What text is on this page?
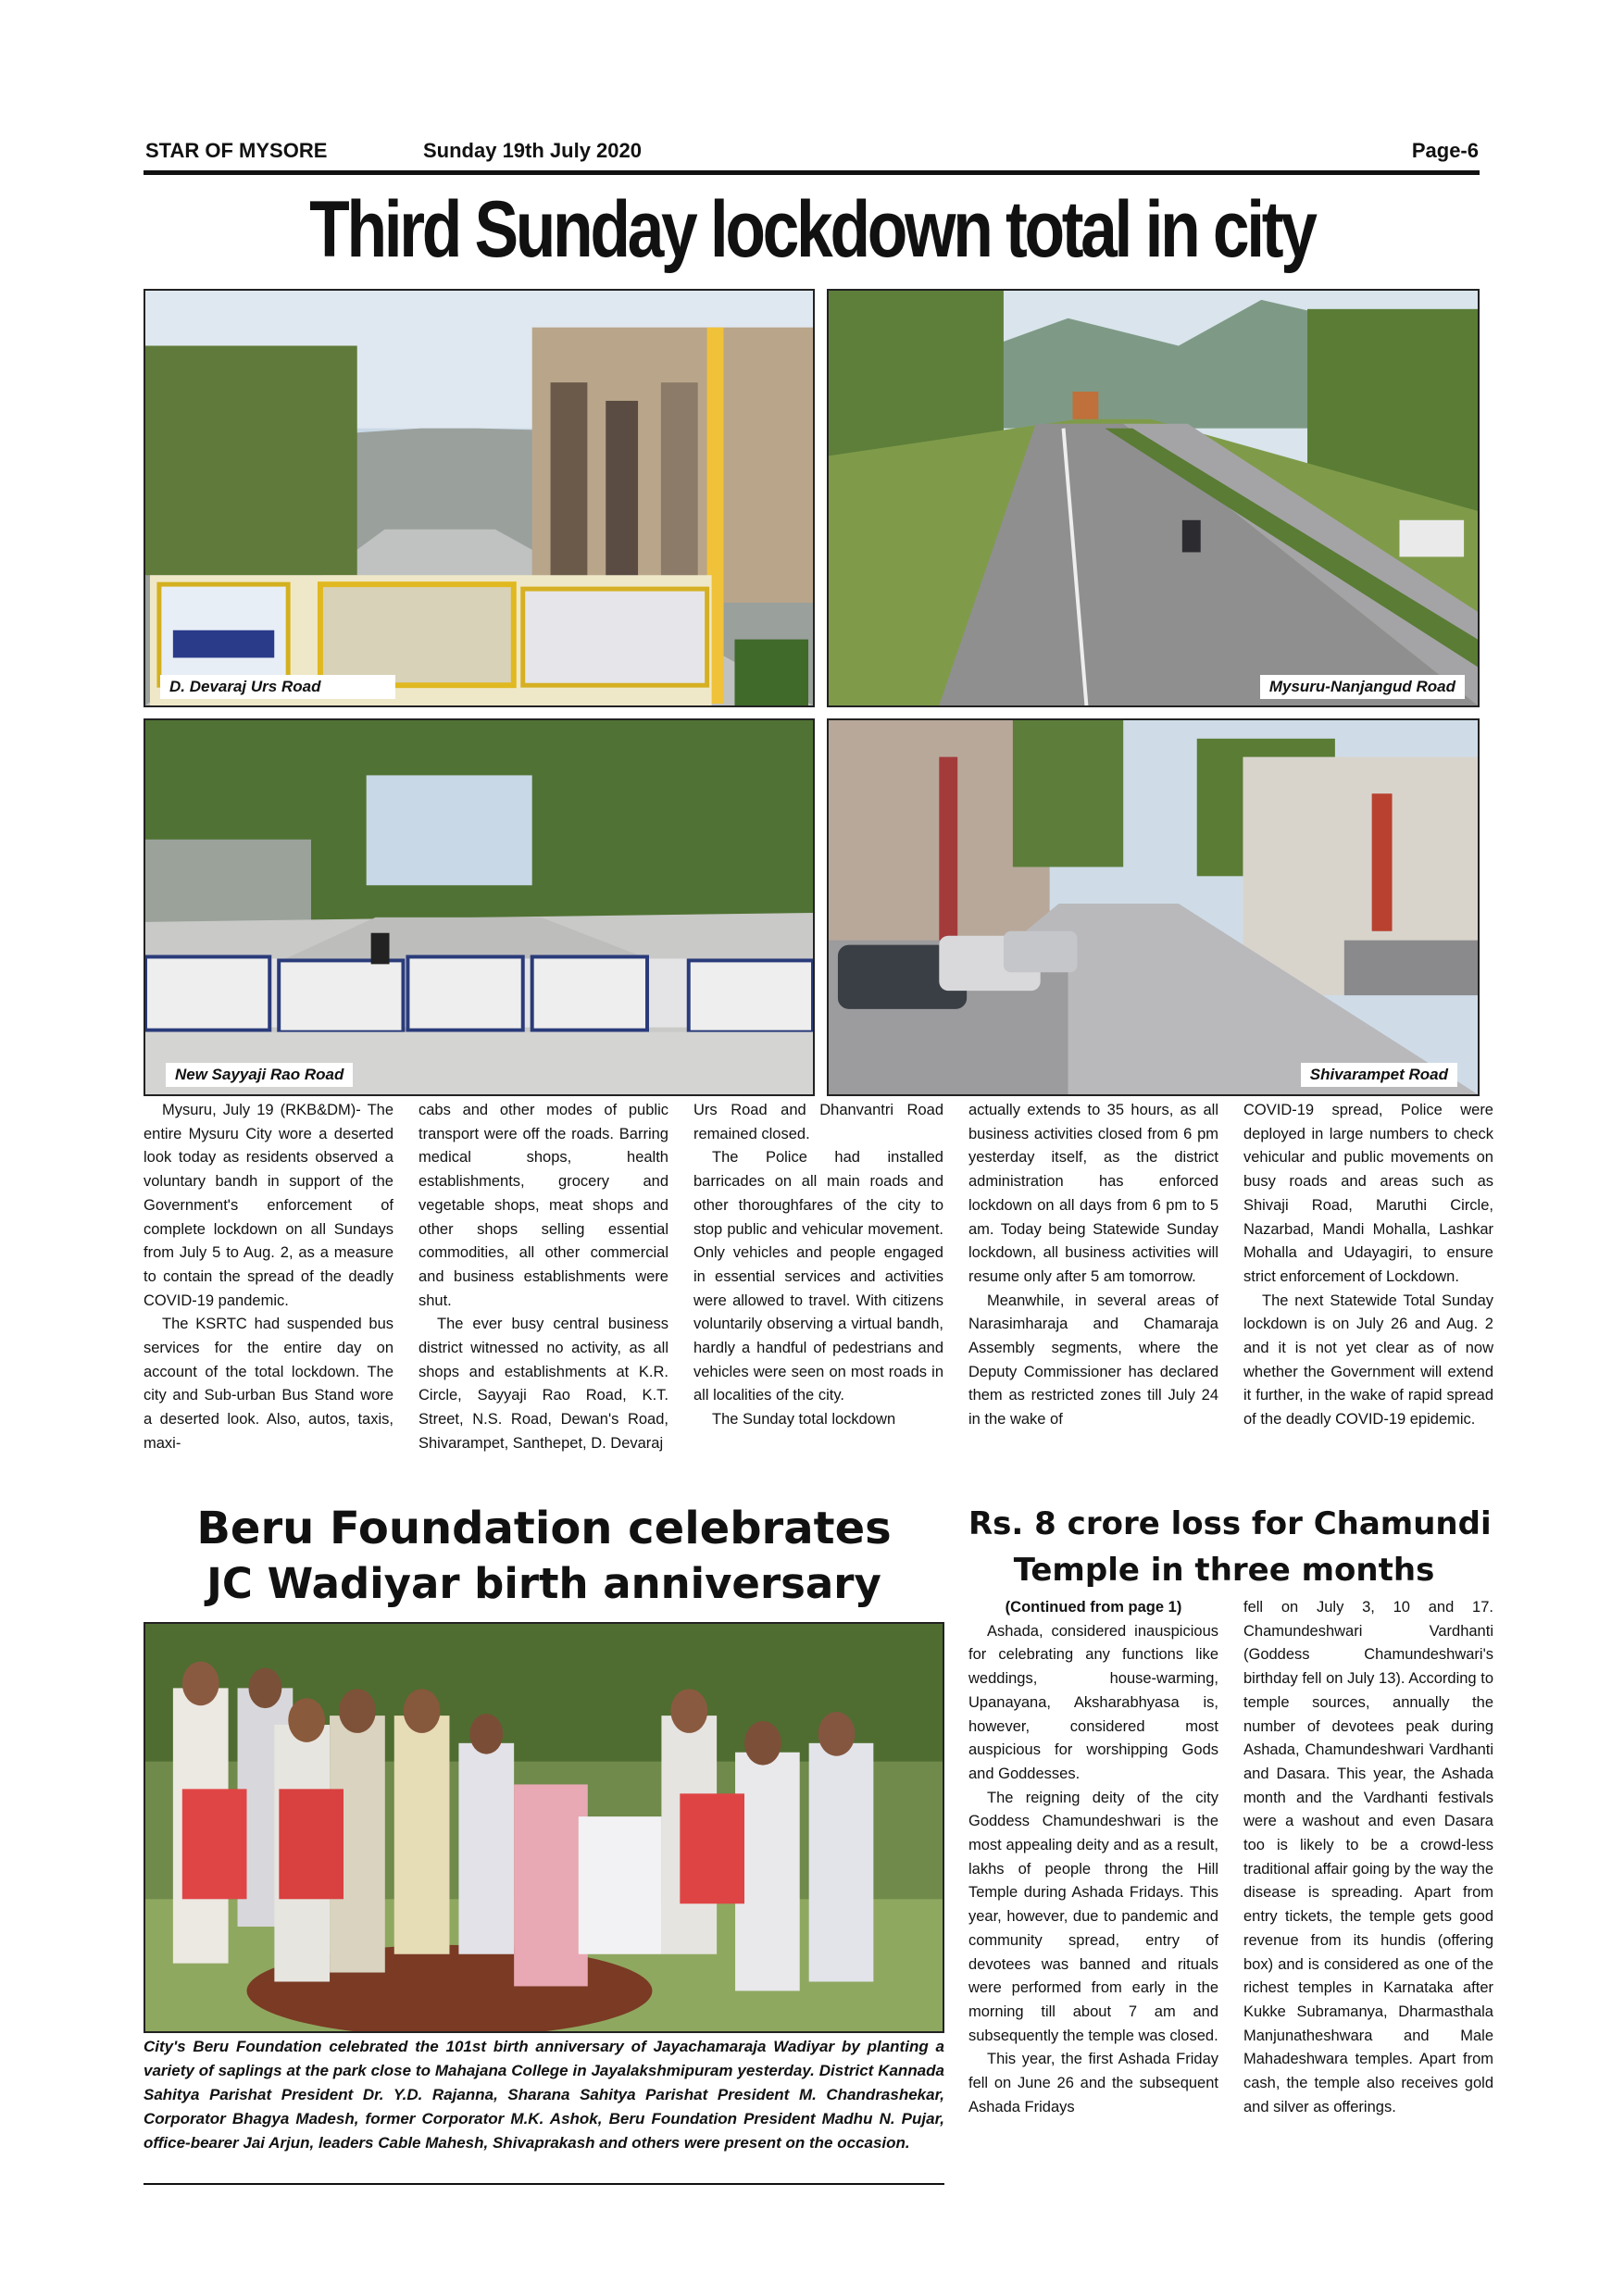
STAR OF MYSORE	Sunday 19th July 2020	Page-6
Third Sunday lockdown total in city
D. Devaraj Urs Road	Mysuru-Nanjangud Road
New Sayyaji Rao Road	Shivarampet Road

Mysuru, July 19 (RKB&DM)- The entire Mysuru City wore a deserted look today as residents observed a voluntary bandh in support of the Government's enforcement of complete lockdown on all Sundays from July 5 to Aug. 2, as a measure to contain the spread of the deadly COVID-19 pandemic.

The KSRTC had suspended bus services for the entire day on account of the total lockdown. The city and Sub-urban Bus Stand wore a deserted look. Also, autos, taxis, maxi-

cabs and other modes of public transport were off the roads. Barring medical shops, health establishments, grocery and vegetable shops, meat shops and other shops selling essential commodities, all other commercial and business establishments were shut.

The ever busy central business district witnessed no activity, as all shops and establishments at K.R. Circle, Sayyaji Rao Road, K.T. Street, N.S. Road, Dewan's Road, Shivarampet, Santhepet, D. Devaraj

Urs Road and Dhanvantri Road remained closed.

The Police had installed barricades on all main roads and other thoroughfares of the city to stop public and vehicular movement. Only vehicles and people engaged in essential services and activities were allowed to travel. With citizens voluntarily observing a virtual bandh, hardly a handful of pedestrians and vehicles were seen on most roads in all localities of the city.

The Sunday total lockdown

actually extends to 35 hours, as all business activities closed from 6 pm yesterday itself, as the district administration has enforced lockdown on all days from 6 pm to 5 am. Today being Statewide Sunday lockdown, all business activities will resume only after 5 am tomorrow.

Meanwhile, in several areas of Narasimharaja and Chamaraja Assembly segments, where the Deputy Commissioner has declared them as restricted zones till July 24 in the wake of

COVID-19 spread, Police were deployed in large numbers to check vehicular and public movements on busy roads and areas such as Shivaji Road, Maruthi Circle, Nazarbad, Mandi Mohalla, Lashkar Mohalla and Udayagiri, to ensure strict enforcement of Lockdown.

The next Statewide Total Sunday lockdown is on July 26 and Aug. 2 and it is not yet clear as of now whether the Government will extend it further, in the wake of rapid spread of the deadly COVID-19 epidemic.

Beru Foundation celebrates
JC Wadiyar birth anniversary
City's Beru Foundation celebrated the 101st birth anniversary of Jayachamaraja Wadiyar by planting a variety of saplings at the park close to Mahajana College in Jayalakshmipuram yesterday. District Kannada Sahitya Parishat President Dr. Y.D. Rajanna, Sharana Sahitya Parishat President M. Chandrashekar, Corporator Bhagya Madesh, former Corporator M.K. Ashok, Beru Foundation President Madhu N. Pujar, office-bearer Jai Arjun, leaders Cable Mahesh, Shivaprakash and others were present on the occasion.
Rs. 8 crore loss for Chamundi
Temple in three months

(Continued from page 1)

Ashada, considered inauspicious for celebrating any functions like weddings, house-warming, Upanayana, Aksharabhyasa is, however, considered most auspicious for worshipping Gods and Goddesses.

The reigning deity of the city Goddess Chamundeshwari is the most appealing deity and as a result, lakhs of people throng the Hill Temple during Ashada Fridays. This year, however, due to pandemic and community spread, entry of devotees was banned and rituals were performed from early in the morning till about 7 am and subsequently the temple was closed.

This year, the first Ashada Friday fell on June 26 and the subsequent Ashada Fridays

fell on July 3, 10 and 17. Chamundeshwari Vardhanti (Goddess Chamundeshwari's birthday fell on July 13). According to temple sources, annually the number of devotees peak during Ashada, Chamundeshwari Vardhanti and Dasara. This year, the Ashada month and the Vardhanti festivals were a washout and even Dasara too is likely to be a crowd-less traditional affair going by the way the disease is spreading. Apart from entry tickets, the temple gets good revenue from its hundis (offering box) and is considered as one of the richest temples in Karnataka after Kukke Subramanya, Dharmasthala Manjunatheshwara and Male Mahadeshwara temples. Apart from cash, the temple also receives gold and silver as offerings.
